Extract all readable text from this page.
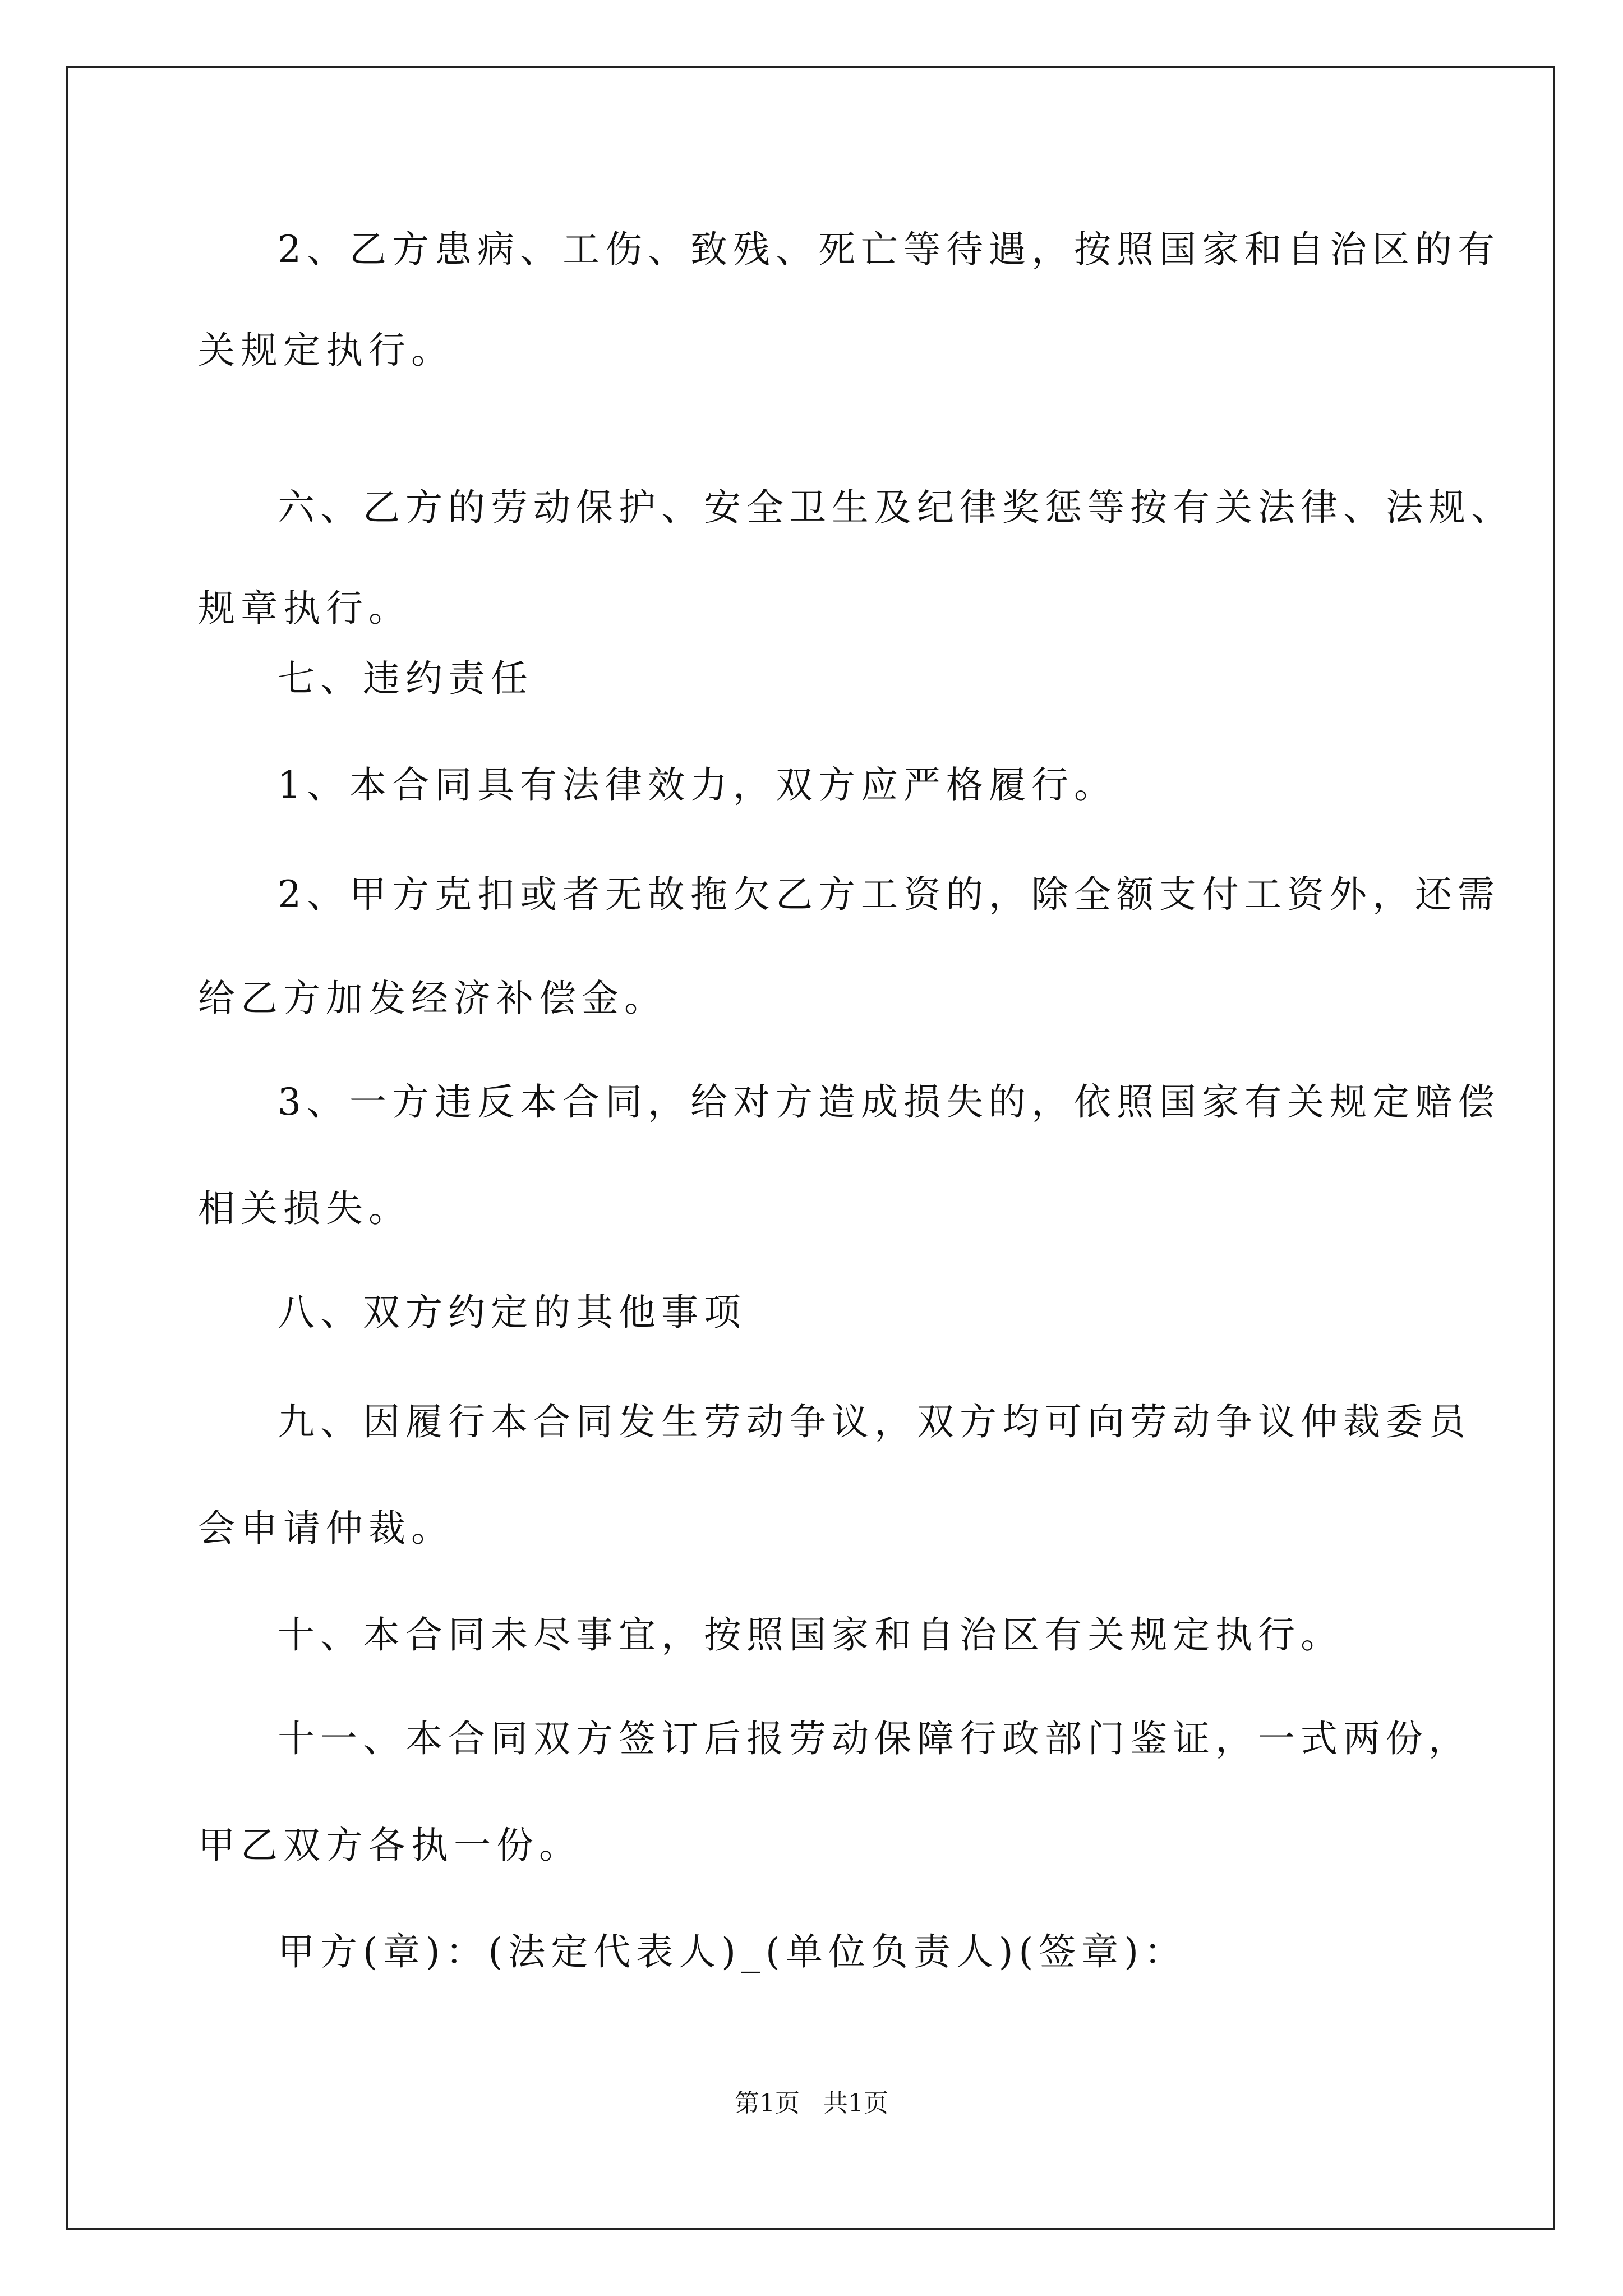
2、乙方患病、工伤、致残、死亡等待遇，按照国家和自治区的有
关规定执行。
六、乙方的劳动保护、安全卫生及纪律奖惩等按有关法律、法规、
规章执行。
七、违约责任
1、本合同具有法律效力，双方应严格履行。
2、甲方克扣或者无故拖欠乙方工资的，除全额支付工资外，还需
给乙方加发经济补偿金。
3、一方违反本合同，给对方造成损失的，依照国家有关规定赔偿
相关损失。
八、双方约定的其他事项
九、因履行本合同发生劳动争议，双方均可向劳动争议仲裁委员
会申请仲裁。
十、本合同未尽事宜，按照国家和自治区有关规定执行。
十一、本合同双方签订后报劳动保障行政部门鉴证，一式两份，
甲乙双方各执一份。
甲方(章)：(法定代表人)_(单位负责人)(签章)：
第1页   共1页
